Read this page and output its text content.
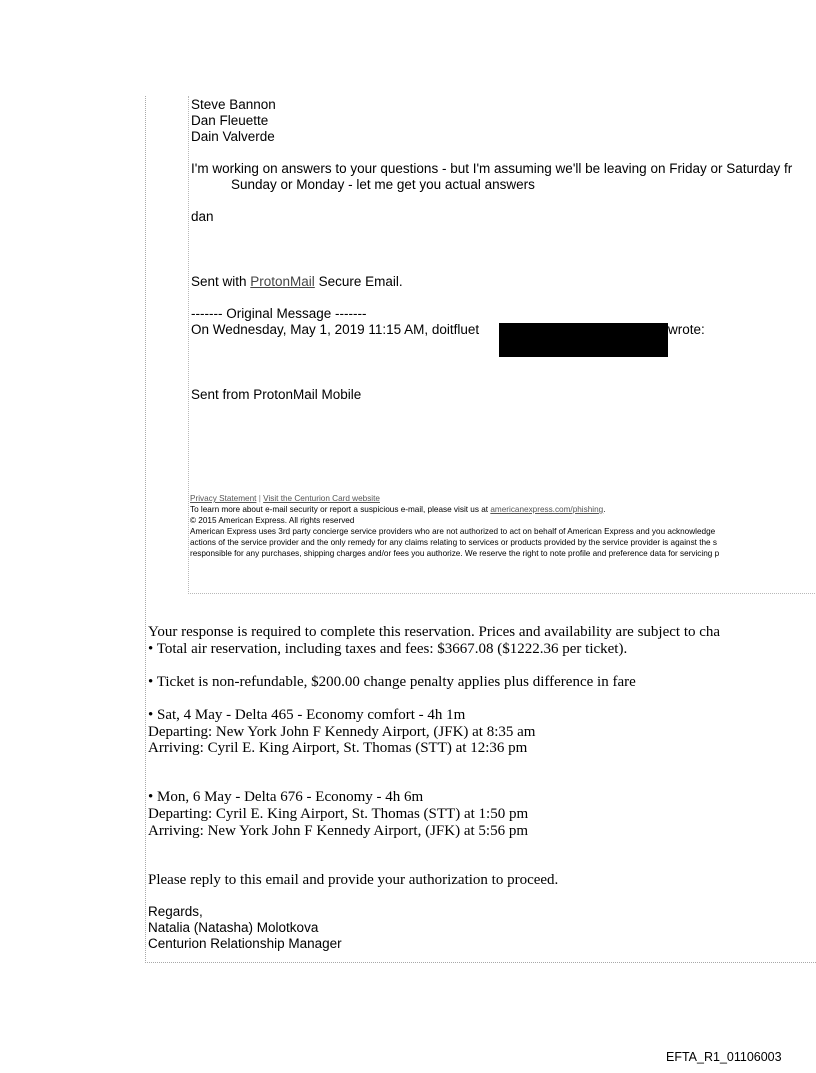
Steve Bannon
Dan Fleuette
Dain Valverde
I'm working on answers to your questions - but I'm assuming we'll be leaving on Friday or Saturday fr
Sunday or Monday - let me get you actual answers
dan
Sent with ProtonMail Secure Email.
------- Original Message -------
On Wednesday, May 1, 2019 11:15 AM, doitfluet	wrote:
Sent from ProtonMail Mobile
Privacy Statement | Visit the Centurion Card website
To learn more about e-mail security or report a suspicious e-mail, please visit us at americanexpress.com/phishing.
© 2015 American Express. All rights reserved
American Express uses 3rd party concierge service providers who are not authorized to act on behalf of American Express and you acknowledge
actions of the service provider and the only remedy for any claims relating to services or products provided by the service provider is against the s
responsible for any purchases, shipping charges and/or fees you authorize. We reserve the right to note profile and preference data for servicing p
Your response is required to complete this reservation. Prices and availability are subject to cha
• Total air reservation, including taxes and fees: $3667.08 ($1222.36 per ticket).
• Ticket is non-refundable, $200.00 change penalty applies plus difference in fare
• Sat, 4 May - Delta 465 - Economy comfort - 4h 1m
Departing: New York John F Kennedy Airport, (JFK) at 8:35 am
Arriving: Cyril E. King Airport, St. Thomas (STT) at 12:36 pm
• Mon, 6 May - Delta 676 - Economy - 4h 6m
Departing: Cyril E. King Airport, St. Thomas (STT) at 1:50 pm
Arriving: New York John F Kennedy Airport, (JFK) at 5:56 pm
Please reply to this email and provide your authorization to proceed.
Regards,
Natalia (Natasha) Molotkova
Centurion Relationship Manager
EFTA_R1_01106003
